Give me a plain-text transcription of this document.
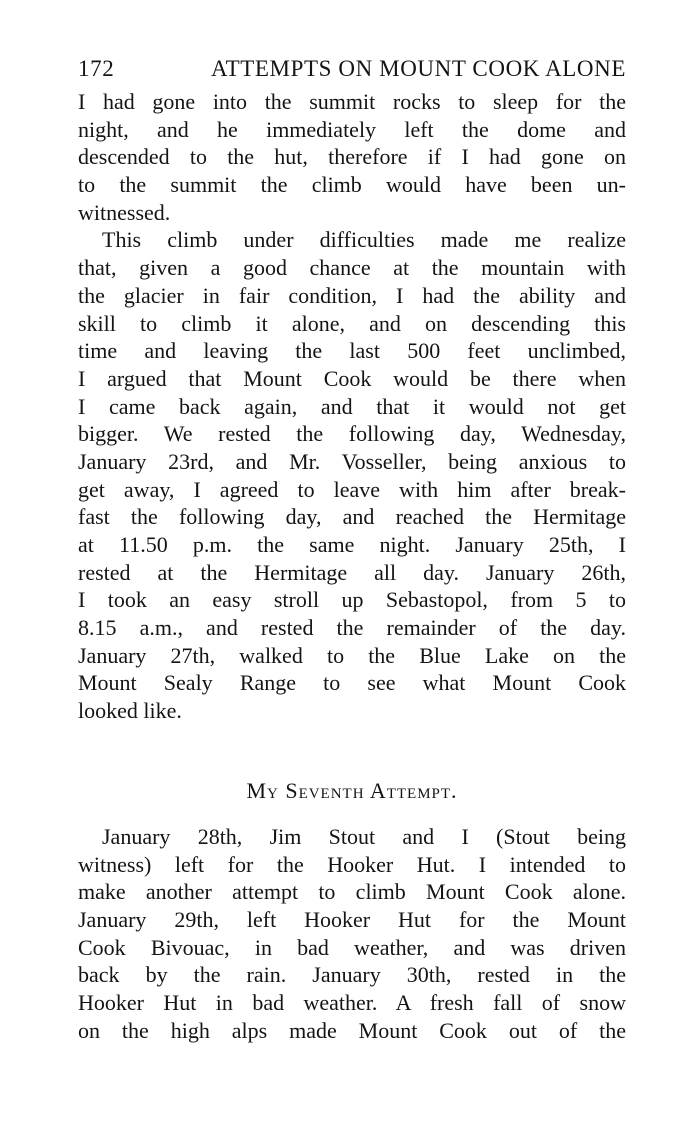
172	ATTEMPTS ON MOUNT COOK ALONE
I had gone into the summit rocks to sleep for the
night, and he immediately left the dome and
descended to the hut, therefore if I had gone on
to the summit the climb would have been un-
witnessed.
This climb under difficulties made me realize
that, given a good chance at the mountain with
the glacier in fair condition, I had the ability and
skill to climb it alone, and on descending this
time and leaving the last 500 feet unclimbed,
I argued that Mount Cook would be there when
I came back again, and that it would not get
bigger. We rested the following day, Wednesday,
January 23rd, and Mr. Vosseller, being anxious to
get away, I agreed to leave with him after break-
fast the following day, and reached the Hermitage
at 11.50 p.m. the same night. January 25th, I
rested at the Hermitage all day. January 26th,
I took an easy stroll up Sebastopol, from 5 to
8.15 a.m., and rested the remainder of the day.
January 27th, walked to the Blue Lake on the
Mount Sealy Range to see what Mount Cook
looked like.
My Seventh Attempt.
January 28th, Jim Stout and I (Stout being
witness) left for the Hooker Hut. I intended to
make another attempt to climb Mount Cook alone.
January 29th, left Hooker Hut for the Mount
Cook Bivouac, in bad weather, and was driven
back by the rain. January 30th, rested in the
Hooker Hut in bad weather. A fresh fall of snow
on the high alps made Mount Cook out of the
